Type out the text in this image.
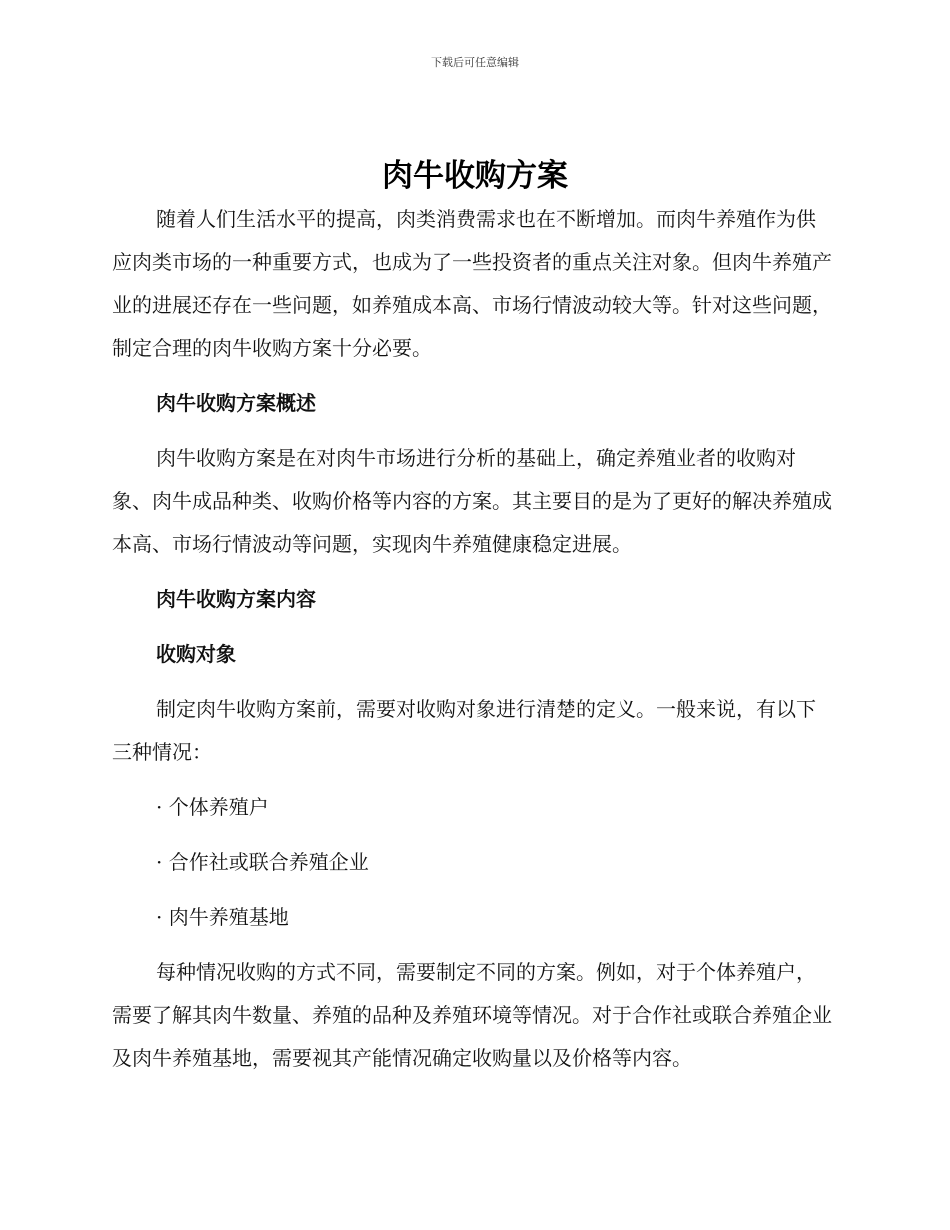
下载后可任意编辑
肉牛收购方案

随着人们生活水平的提高，肉类消费需求也在不断增加。而肉牛养殖作为供应肉类市场的一种重要方式，也成为了一些投资者的重点关注对象。但肉牛养殖产业的进展还存在一些问题，如养殖成本高、市场行情波动较大等。针对这些问题，制定合理的肉牛收购方案十分必要。

肉牛收购方案概述

肉牛收购方案是在对肉牛市场进行分析的基础上，确定养殖业者的收购对象、肉牛成品种类、收购价格等内容的方案。其主要目的是为了更好的解决养殖成本高、市场行情波动等问题，实现肉牛养殖健康稳定进展。

肉牛收购方案内容
收购对象

制定肉牛收购方案前，需要对收购对象进行清楚的定义。一般来说，有以下三种情况：

· 个体养殖户
· 合作社或联合养殖企业
· 肉牛养殖基地

每种情况收购的方式不同，需要制定不同的方案。例如，对于个体养殖户，需要了解其肉牛数量、养殖的品种及养殖环境等情况。对于合作社或联合养殖企业及肉牛养殖基地，需要视其产能情况确定收购量以及价格等内容。
